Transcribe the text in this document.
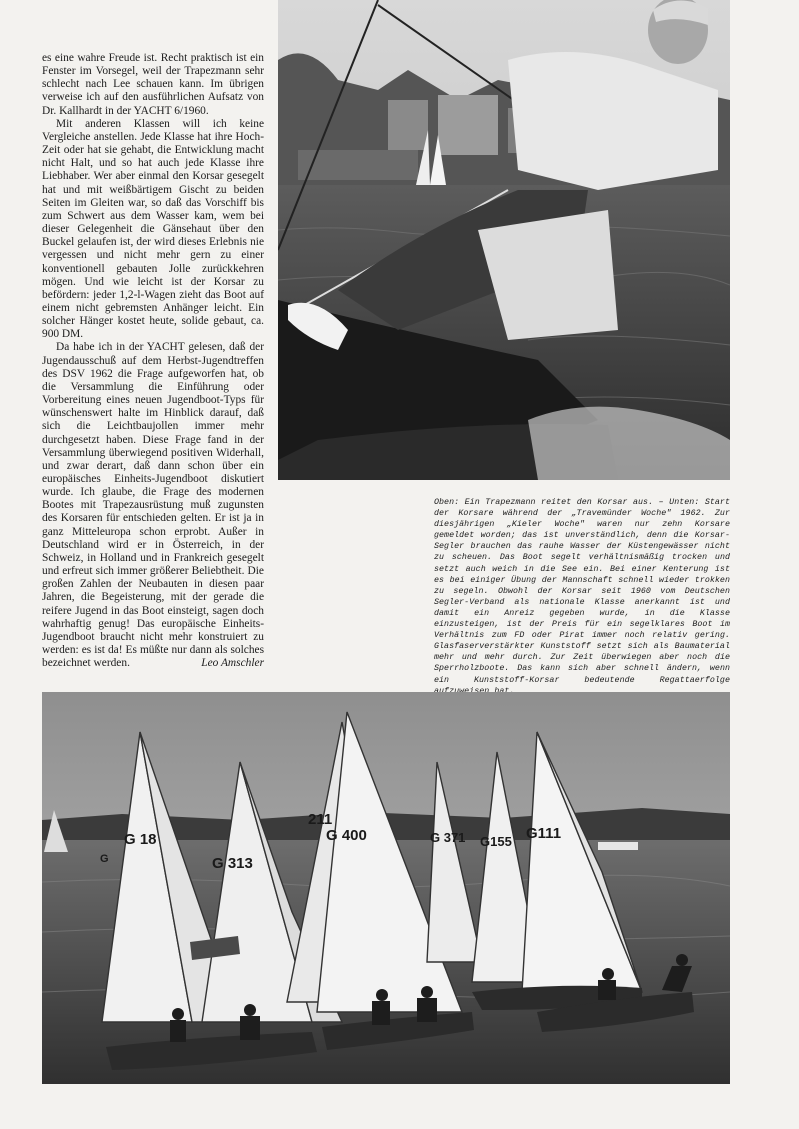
es eine wahre Freude ist. Recht praktisch ist ein Fenster im Vorsegel, weil der Trapezmann sehr schlecht nach Lee schauen kann. Im übrigen verweise ich auf den ausführlichen Aufsatz von Dr. Kallhardt in der YACHT 6/1960.

Mit anderen Klassen will ich keine Vergleiche anstellen. Jede Klasse hat ihre Hoch-Zeit oder hat sie gehabt, die Entwicklung macht nicht Halt, und so hat auch jede Klasse ihre Liebhaber. Wer aber einmal den Korsar gesegelt hat und mit weißbärtigem Gischt zu beiden Seiten im Gleiten war, so daß das Vorschiff bis zum Schwert aus dem Wasser kam, wem bei dieser Gelegenheit die Gänsehaut über den Buckel gelaufen ist, der wird dieses Erlebnis nie vergessen und nicht mehr gern zu einer konventionell gebauten Jolle zurückkehren mögen. Und wie leicht ist der Korsar zu befördern: jeder 1,2-l-Wagen zieht das Boot auf einem nicht gebremsten Anhänger leicht. Ein solcher Hänger kostet heute, solide gebaut, ca. 900 DM.

Da habe ich in der YACHT gelesen, daß der Jugendausschuß auf dem Herbst-Jugendtreffen des DSV 1962 die Frage aufgeworfen hat, ob die Versammlung die Einführung oder Vorbereitung eines neuen Jugendboot-Typs für wünschenswert halte im Hinblick darauf, daß sich die Leichtbaujollen immer mehr durchgesetzt haben. Diese Frage fand in der Versammlung überwiegend positiven Widerhall, und zwar derart, daß dann schon über ein europäisches Einheits-Jugendboot diskutiert wurde. Ich glaube, die Frage des modernen Bootes mit Trapezausrüstung muß zugunsten des Korsaren für entschieden gelten. Er ist ja in ganz Mitteleuropa schon erprobt. Außer in Deutschland wird er in Österreich, in der Schweiz, in Holland und in Frankreich gesegelt und erfreut sich immer größerer Beliebtheit. Die großen Zahlen der Neubauten in diesen paar Jahren, die Begeisterung, mit der gerade die reifere Jugend in das Boot einsteigt, sagen doch wahrhaftig genug! Das europäische Einheits-Jugendboot braucht nicht mehr konstruiert zu werden: es ist da! Es müßte nur dann als solches bezeichnet werden.	Leo Amschler
Oben: Ein Trapezmann reitet den Korsar aus. – Unten: Start der Korsare während der „Travemünder Woche" 1962. Zur diesjährigen „Kieler Woche" waren nur zehn Korsare gemeldet worden; das ist unverständlich, denn die Korsar-Segler brauchen das rauhe Wasser der Küstengewässer nicht zu scheuen. Das Boot segelt verhältnismäßig trocken und setzt auch weich in die See ein. Bei einer Kenterung ist es bei einiger Übung der Mannschaft schnell wieder trokken zu segeln. Obwohl der Korsar seit 1960 vom Deutschen Segler-Verband als nationale Klasse anerkannt ist und damit ein Anreiz gegeben wurde, in die Klasse einzusteigen, ist der Preis für ein segelklares Boot im Verhältnis zum FD oder Pirat immer noch relativ gering. Glasfaserverstärkter Kunststoff setzt sich als Baumaterial mehr und mehr durch. Zur Zeit überwiegen aber noch die Sperrholzboote. Das kann sich aber schnell ändern, wenn ein Kunststoff-Korsar bedeutende Regattaerfolge
G 18
G	G 313
211
G 400	G 371 G155 G111
